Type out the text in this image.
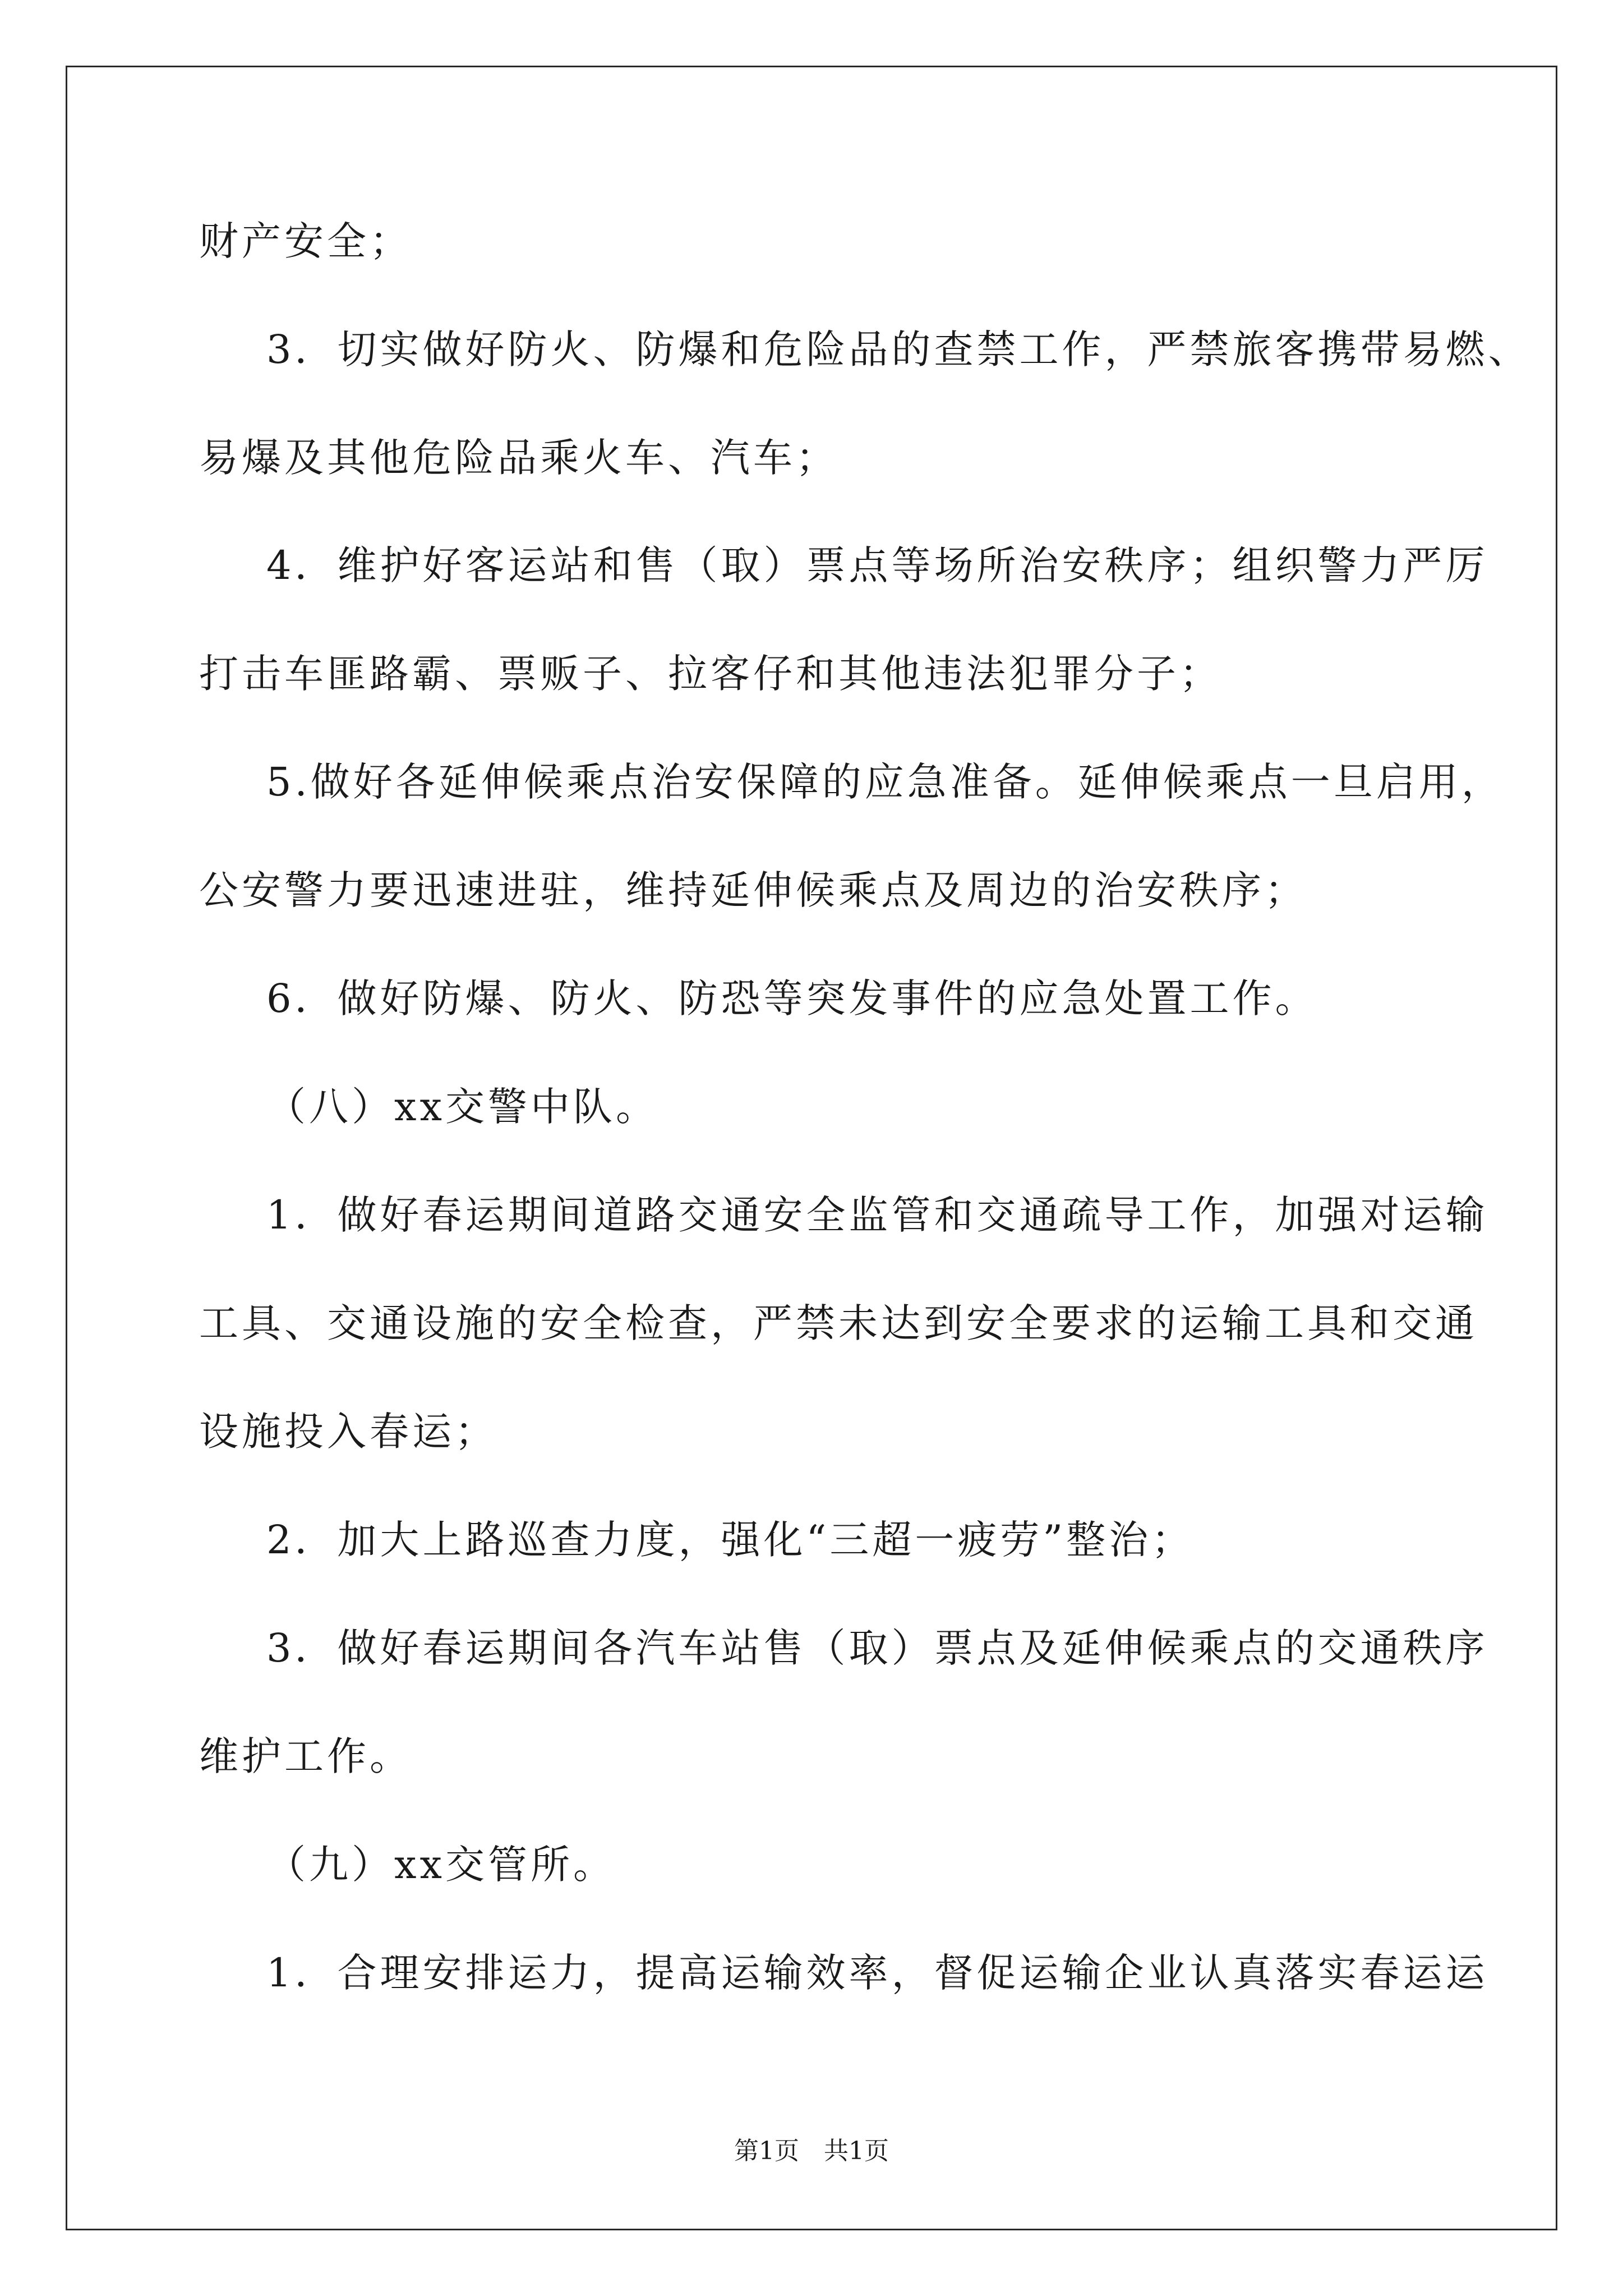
财产安全；
3．切实做好防火、防爆和危险品的查禁工作，严禁旅客携带易燃、
易爆及其他危险品乘火车、汽车；
4．维护好客运站和售（取）票点等场所治安秩序；组织警力严厉
打击车匪路霸、票贩子、拉客仔和其他违法犯罪分子；
5.做好各延伸候乘点治安保障的应急准备。延伸候乘点一旦启用，
公安警力要迅速进驻，维持延伸候乘点及周边的治安秩序；
6．做好防爆、防火、防恐等突发事件的应急处置工作。
（八）xx交警中队。
1．做好春运期间道路交通安全监管和交通疏导工作，加强对运输
工具、交通设施的安全检查，严禁未达到安全要求的运输工具和交通
设施投入春运；
2．加大上路巡查力度，强化“三超一疲劳”整治；
3．做好春运期间各汽车站售（取）票点及延伸候乘点的交通秩序
维护工作。
（九）xx交管所。
1．合理安排运力，提高运输效率，督促运输企业认真落实春运运
第1页　共1页
